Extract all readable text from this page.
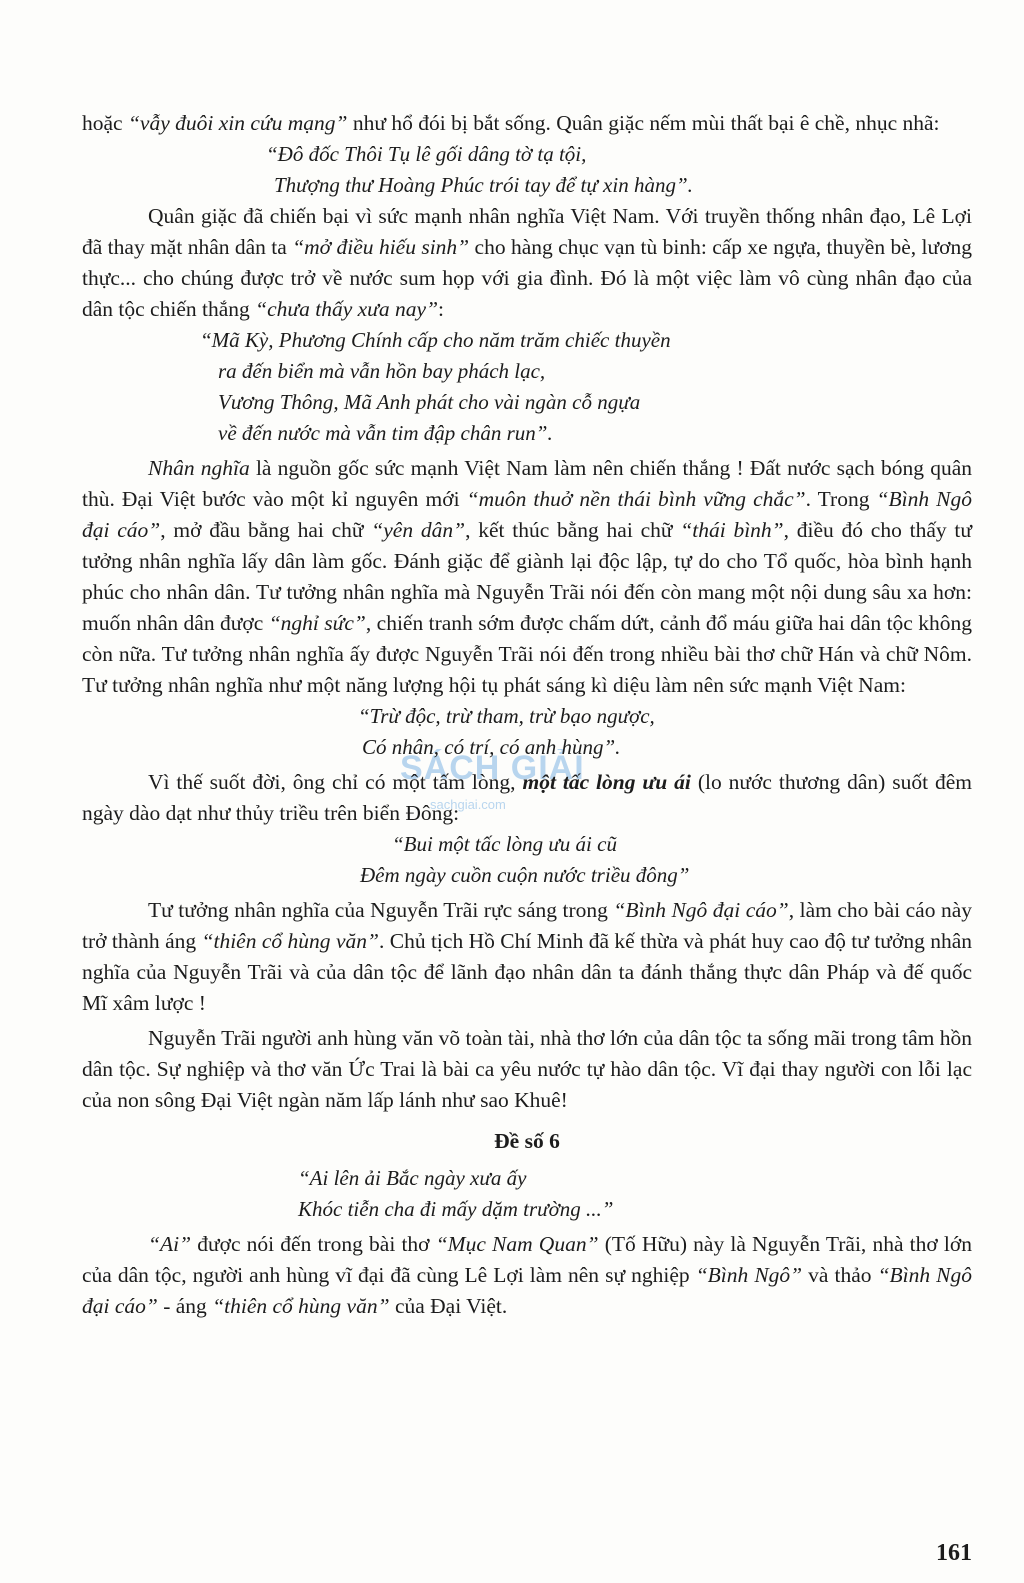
SÁCH GIẢI
sachgiai.com

hoặc “vẫy đuôi xin cứu mạng” như hổ đói bị bắt sống. Quân giặc nếm mùi thất bại ê chề, nhục nhã:

“Đô đốc Thôi Tụ lê gối dâng tờ tạ tội,
Thượng thư Hoàng Phúc trói tay để tự xin hàng”.

Quân giặc đã chiến bại vì sức mạnh nhân nghĩa Việt Nam. Với truyền thống nhân đạo, Lê Lợi đã thay mặt nhân dân ta “mở điều hiếu sinh” cho hàng chục vạn tù binh: cấp xe ngựa, thuyền bè, lương thực... cho chúng được trở về nước sum họp với gia đình. Đó là một việc làm vô cùng nhân đạo của dân tộc chiến thắng “chưa thấy xưa nay”:

“Mã Kỳ, Phương Chính cấp cho năm trăm chiếc thuyền
ra đến biển mà vẫn hồn bay phách lạc,
Vương Thông, Mã Anh phát cho vài ngàn cỗ ngựa
về đến nước mà vẫn tim đập chân run”.

Nhân nghĩa là nguồn gốc sức mạnh Việt Nam làm nên chiến thắng ! Đất nước sạch bóng quân thù. Đại Việt bước vào một kỉ nguyên mới “muôn thuở nền thái bình vững chắc”. Trong “Bình Ngô đại cáo”, mở đầu bằng hai chữ “yên dân”, kết thúc bằng hai chữ “thái bình”, điều đó cho thấy tư tưởng nhân nghĩa lấy dân làm gốc. Đánh giặc để giành lại độc lập, tự do cho Tổ quốc, hòa bình hạnh phúc cho nhân dân. Tư tưởng nhân nghĩa mà Nguyễn Trãi nói đến còn mang một nội dung sâu xa hơn: muốn nhân dân được “nghỉ sức”, chiến tranh sớm được chấm dứt, cảnh đổ máu giữa hai dân tộc không còn nữa. Tư tưởng nhân nghĩa ấy được Nguyễn Trãi nói đến trong nhiều bài thơ chữ Hán và chữ Nôm. Tư tưởng nhân nghĩa như một năng lượng hội tụ phát sáng kì diệu làm nên sức mạnh Việt Nam:

“Trừ độc, trừ tham, trừ bạo ngược,
Có nhân, có trí, có anh hùng”.

Vì thế suốt đời, ông chỉ có một tấm lòng, một tấc lòng ưu ái (lo nước thương dân) suốt đêm ngày dào dạt như thủy triều trên biển Đông:

“Bui một tấc lòng ưu ái cũ
Đêm ngày cuồn cuộn nước triều đông”

Tư tưởng nhân nghĩa của Nguyễn Trãi rực sáng trong “Bình Ngô đại cáo”, làm cho bài cáo này trở thành áng “thiên cổ hùng văn”. Chủ tịch Hồ Chí Minh đã kế thừa và phát huy cao độ tư tưởng nhân nghĩa của Nguyễn Trãi và của dân tộc để lãnh đạo nhân dân ta đánh thắng thực dân Pháp và đế quốc Mĩ xâm lược !

Nguyễn Trãi người anh hùng văn võ toàn tài, nhà thơ lớn của dân tộc ta sống mãi trong tâm hồn dân tộc. Sự nghiệp và thơ văn Ức Trai là bài ca yêu nước tự hào dân tộc. Vĩ đại thay người con lỗi lạc của non sông Đại Việt ngàn năm lấp lánh như sao Khuê!

Đề số 6
“Ai lên ải Bắc ngày xưa ấy
Khóc tiễn cha đi mấy dặm trường ...”

“Ai” được nói đến trong bài thơ “Mục Nam Quan” (Tố Hữu) này là Nguyễn Trãi, nhà thơ lớn của dân tộc, người anh hùng vĩ đại đã cùng Lê Lợi làm nên sự nghiệp “Bình Ngô” và thảo “Bình Ngô đại cáo” - áng “thiên cổ hùng văn” của Đại Việt.

161
